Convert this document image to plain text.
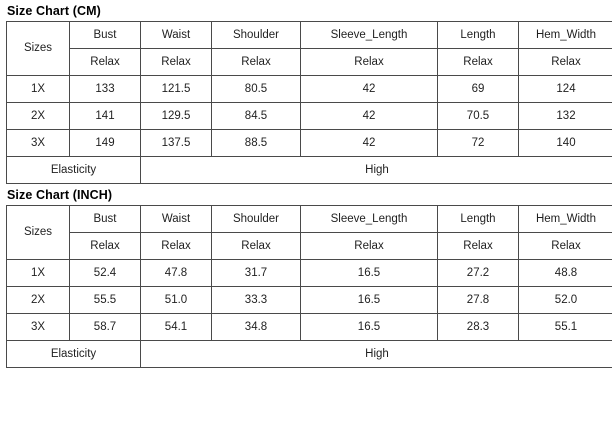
Size Chart (CM)
Sizes	Bust	Waist	Shoulder	Sleeve_Length	Length	Hem_Width
	Relax	Relax	Relax	Relax	Relax	Relax
1X	133	121.5	80.5	42	69	124
2X	141	129.5	84.5	42	70.5	132
3X	149	137.5	88.5	42	72	140
Elasticity		High				
Size Chart (INCH)
Sizes	Bust	Waist	Shoulder	Sleeve_Length	Length	Hem_Width
	Relax	Relax	Relax	Relax	Relax	Relax
1X	52.4	47.8	31.7	16.5	27.2	48.8
2X	55.5	51.0	33.3	16.5	27.8	52.0
3X	58.7	54.1	34.8	16.5	28.3	55.1
Elasticity		High				
